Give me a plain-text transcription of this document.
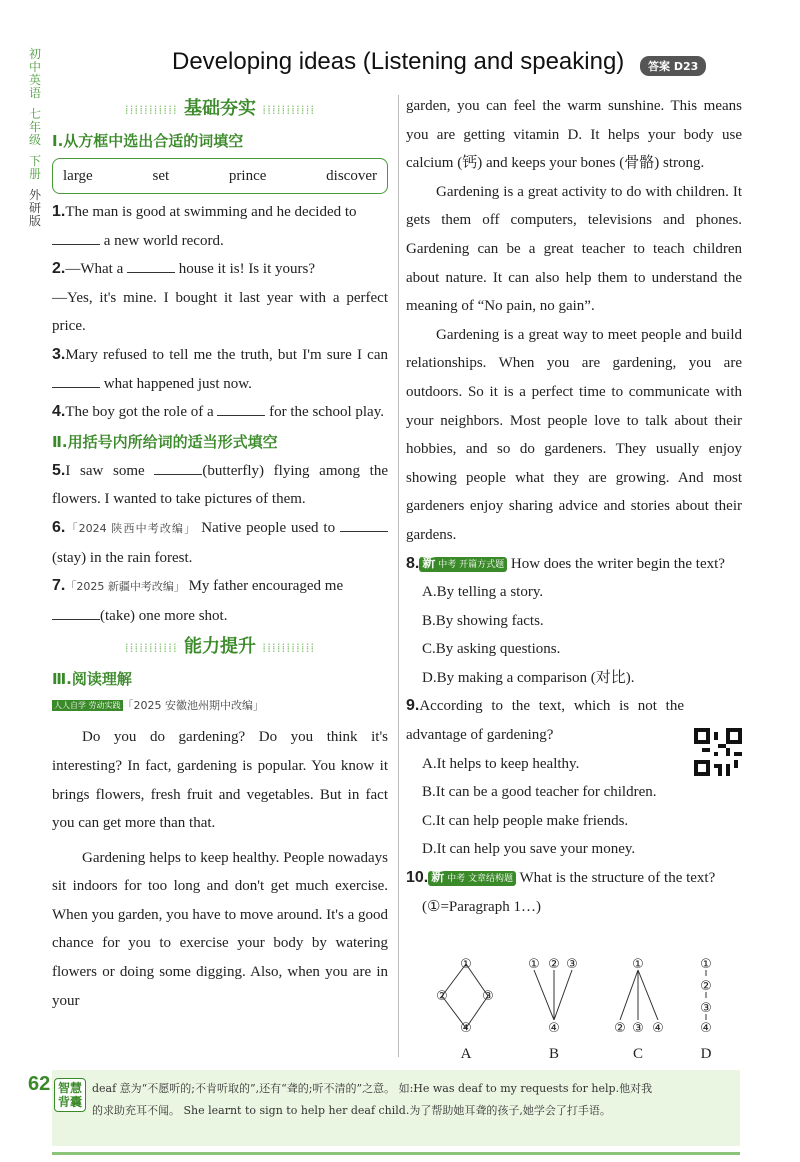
初中英语
七年级
下册
外研版
Developing ideas (Listening and speaking)	答案 D23
⁞⁞⁞⁞⁞⁞⁞⁞⁞⁞⁞ 基础夯实 ⁞⁞⁞⁞⁞⁞⁞⁞⁞⁞⁞
Ⅰ.从方框中选出合适的词填空
large	set	prince	discover

1.The man is good at swimming and he decided to
a new world record.

2.—What a	house it is! Is it yours?
—Yes, it's mine. I bought it last year with a perfect price.

3.Mary refused to tell me the truth, but I'm sure I can  what happened just now.

4.The boy got the role of a	for the school play.

Ⅱ.用括号内所给词的适当形式填空

5.I saw some	(butterfly) flying among the flowers. I wanted to take pictures of them.

6.「2024 陕西中考改编」 Native people used to  (stay) in the rain forest.

7.「2025 新疆中考改编」 My father encouraged me
(take) one more shot.

⁞⁞⁞⁞⁞⁞⁞⁞⁞⁞⁞ 能力提升 ⁞⁞⁞⁞⁞⁞⁞⁞⁞⁞⁞
Ⅲ.阅读理解
人人自学 劳动实践 「2025 安徽池州期中改编」

Do you do gardening? Do you think it's interesting? In fact, gardening is popular. You know it brings flowers, fresh fruit and vegetables. But in fact you can get more than that.

Gardening helps to keep healthy. People nowadays sit indoors for too long and don't get much exercise. When you garden, you have to move around. It's a good chance for you to exercise your body by watering flowers or doing some digging. Also, when you are in your

garden, you can feel the warm sunshine. This means you are getting vitamin D. It helps your body use calcium (钙) and keeps your bones (骨骼) strong.

Gardening is a great activity to do with children. It gets them off computers, televisions and phones. Gardening can be a great teacher to teach children about nature. It can also help them to understand the meaning of “No pain, no gain”.

Gardening is a great way to meet people and build relationships. When you are gardening, you are outdoors. So it is a perfect time to communicate with your neighbors. Most people love to talk about their hobbies, and so do gardeners. They usually enjoy showing people what they are growing. And most gardeners enjoy sharing advice and stories about their gardens.

8. 新 中考 开篇方式题 How does the writer begin the text?

A.By telling a story.

B.By showing facts.

C.By asking questions.

D.By making a comparison (对比).

9.According to the text, which is not the advantage of gardening?

A.It helps to keep healthy.

B.It can be a good teacher for children.

C.It can help people make friends.

D.It can help you save your money.

10. 新 中考 文章结构题 What is the structure of the text?

(①=Paragraph 1…)

①
②	③
④
① ② ③
④
①
② ③ ④
①
②
③
④
A	B	C	D
62 智慧背囊
deaf 意为“不愿听的;不肯听取的”,还有“聋的;听不清的”之意。 如:He was deaf to my requests for help.他对我
的求助充耳不闻。 She learnt to sign to help her deaf child.为了帮助她耳聋的孩子,她学会了打手语。
